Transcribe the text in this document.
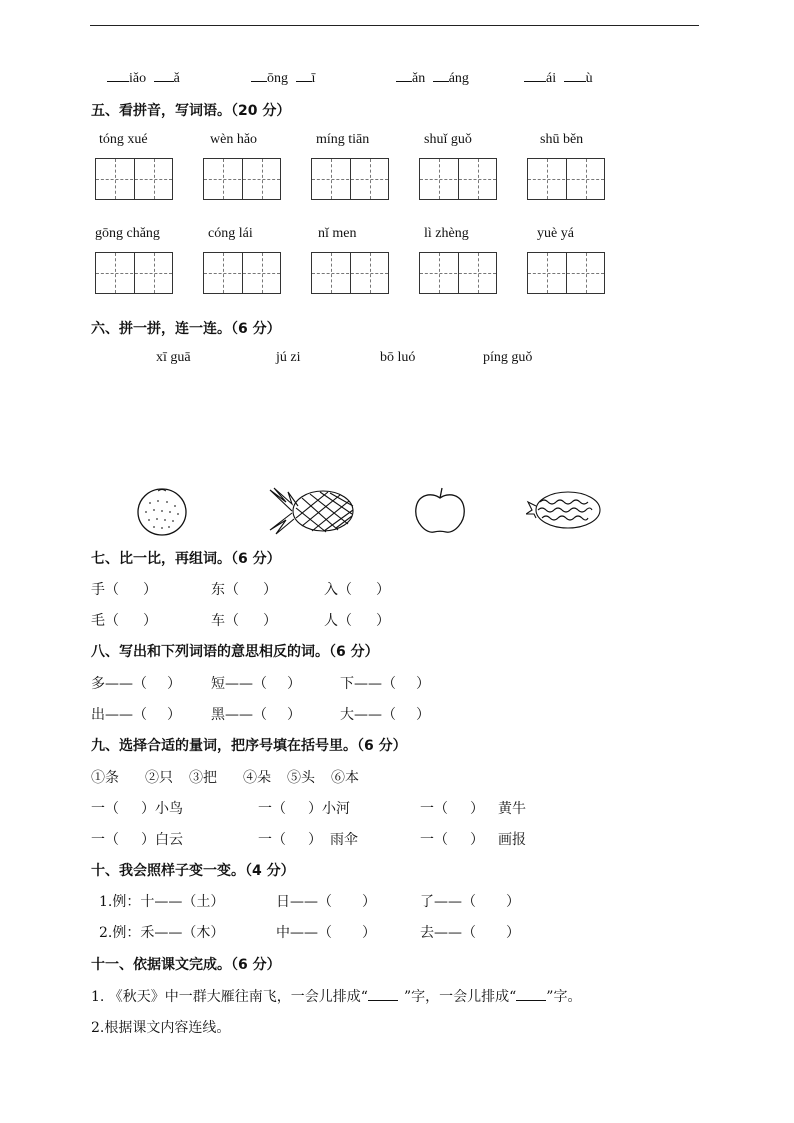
iǎo ǎ	ōng ī	ǎn áng	ái ù
五、看拼音，写词语。（20 分）
tóng xué	wèn hǎo	míng tiān	shuǐ guǒ	shū běn
gōng chǎng	cóng lái	nǐ men	lì zhèng	yuè yá
六、拼一拼，连一连。（6 分）
xī guā	jú zi	bō luó	píng guǒ
七、比一比，再组词。（6 分）
手（ ）	东（ ）	入（ ）
毛（ ）	车（ ）	人（ ）
八、写出和下列词语的意思相反的词。（6 分）
多——（ ） 短——（ ）	下——（ ）
出——（ ） 黑——（ ）	大——（ ）
九、选择合适的量词，把序号填在括号里。（6 分）
①条 ②只 ③把 ④朵 ⑤头 ⑥本
一（ ）小鸟	一（ ）小河	一（ ） 黄牛
一（ ）白云	一（ ） 雨伞	一（ ） 画报
十、我会照样子变一变。（4 分）
1.例：十——（土）	日——（ ）	了——（ ）
2.例：禾——（木）	中——（ ）	去——（ ）
十一、依据课文完成。（6 分）
1. 《秋天》中一群大雁往南飞，一会儿排成“	”字，一会儿排成“ ”字。
2.根据课文内容连线。
